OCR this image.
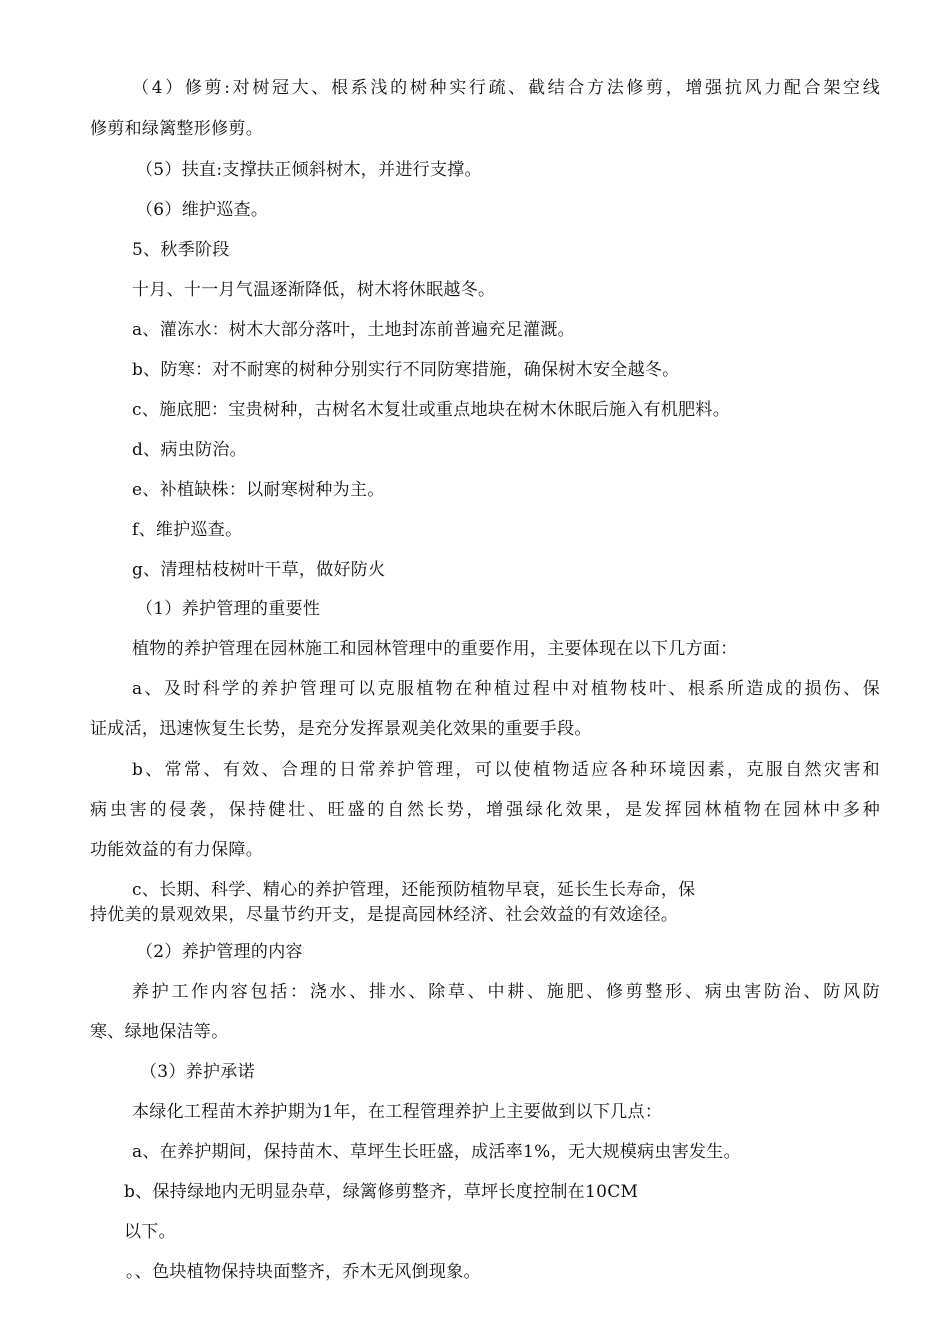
（4）修剪:对树冠大、根系浅的树种实行疏、截结合方法修剪，增强抗风力配合架空线
修剪和绿篱整形修剪。
（5）扶直:支撑扶正倾斜树木，并进行支撑。
（6）维护巡查。
5、秋季阶段
十月、十一月气温逐渐降低，树木将休眠越冬。
a、灌冻水：树木大部分落叶，土地封冻前普遍充足灌溉。
b、防寒：对不耐寒的树种分别实行不同防寒措施，确保树木安全越冬。
c、施底肥：宝贵树种，古树名木复壮或重点地块在树木休眠后施入有机肥料。
d、病虫防治。
e、补植缺株：以耐寒树种为主。
f、维护巡查。
g、清理枯枝树叶干草，做好防火
（1）养护管理的重要性
植物的养护管理在园林施工和园林管理中的重要作用，主要体现在以下几方面：
a、及时科学的养护管理可以克服植物在种植过程中对植物枝叶、根系所造成的损伤、保
证成活，迅速恢复生长势，是充分发挥景观美化效果的重要手段。
b、常常、有效、合理的日常养护管理，可以使植物适应各种环境因素，克服自然灾害和
病虫害的侵袭，保持健壮、旺盛的自然长势，增强绿化效果，是发挥园林植物在园林中多种
功能效益的有力保障。
c、长期、科学、精心的养护管理，还能预防植物早衰，延长生长寿命，保
持优美的景观效果，尽量节约开支，是提高园林经济、社会效益的有效途径。
（2）养护管理的内容
养护工作内容包括：浇水、排水、除草、中耕、施肥、修剪整形、病虫害防治、防风防
寒、绿地保洁等。
（3）养护承诺
本绿化工程苗木养护期为1年，在工程管理养护上主要做到以下几点：
a、在养护期间，保持苗木、草坪生长旺盛，成活率1%，无大规模病虫害发生。
b、保持绿地内无明显杂草，绿篱修剪整齐，草坪长度控制在10CM
以下。
。、色块植物保持块面整齐，乔木无风倒现象。
